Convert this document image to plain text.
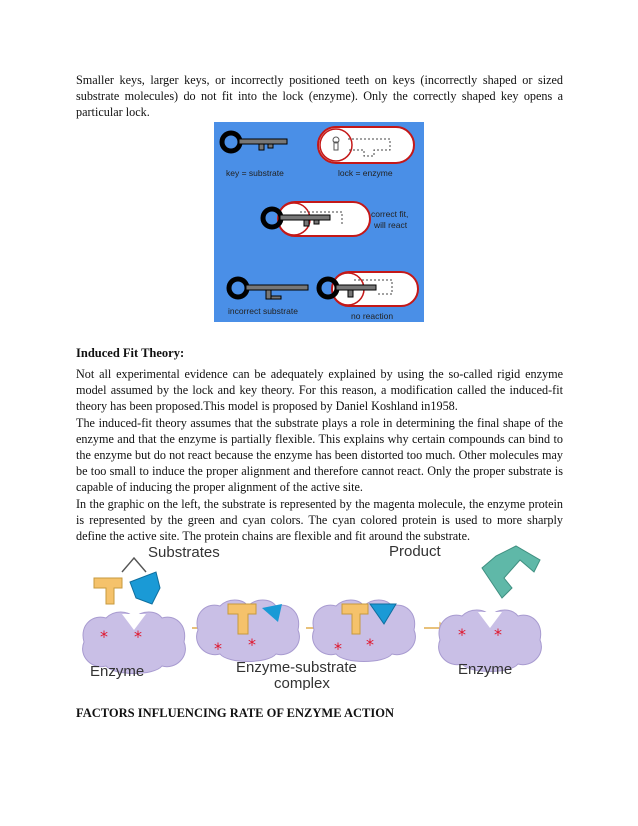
Smaller keys, larger keys, or incorrectly positioned teeth on keys (incorrectly shaped or sized substrate molecules) do not fit into the lock (enzyme). Only the correctly shaped key opens a particular lock.

key = substrate	lock = enzyme
correct fit,
will react
incorrect substrate	no reaction
Induced Fit Theory:

Not all experimental evidence can be adequately explained by using the so-called rigid enzyme model assumed by the lock and key theory. For this reason, a modification called the induced-fit theory has been proposed.This model is proposed by Daniel Koshland in1958.

The induced-fit theory assumes that the substrate plays a role in determining the final shape of the enzyme and that the enzyme is partially flexible. This explains why certain compounds can bind to the enzyme but do not react because the enzyme has been distorted too much. Other molecules may be too small to induce the proper alignment and therefore cannot react. Only the proper substrate is capable of inducing the proper alignment of the active site.

In the graphic on the left, the substrate is represented by the magenta molecule, the enzyme protein is represented by the green and cyan colors. The cyan colored protein is used to more sharply define the active site. The protein chains are flexible and fit around the substrate.

Substrates	Product
* *
* *	* *
* *
Enzyme	Enzyme-substrate
complex
Enzyme
FACTORS INFLUENCING RATE OF ENZYME ACTION
